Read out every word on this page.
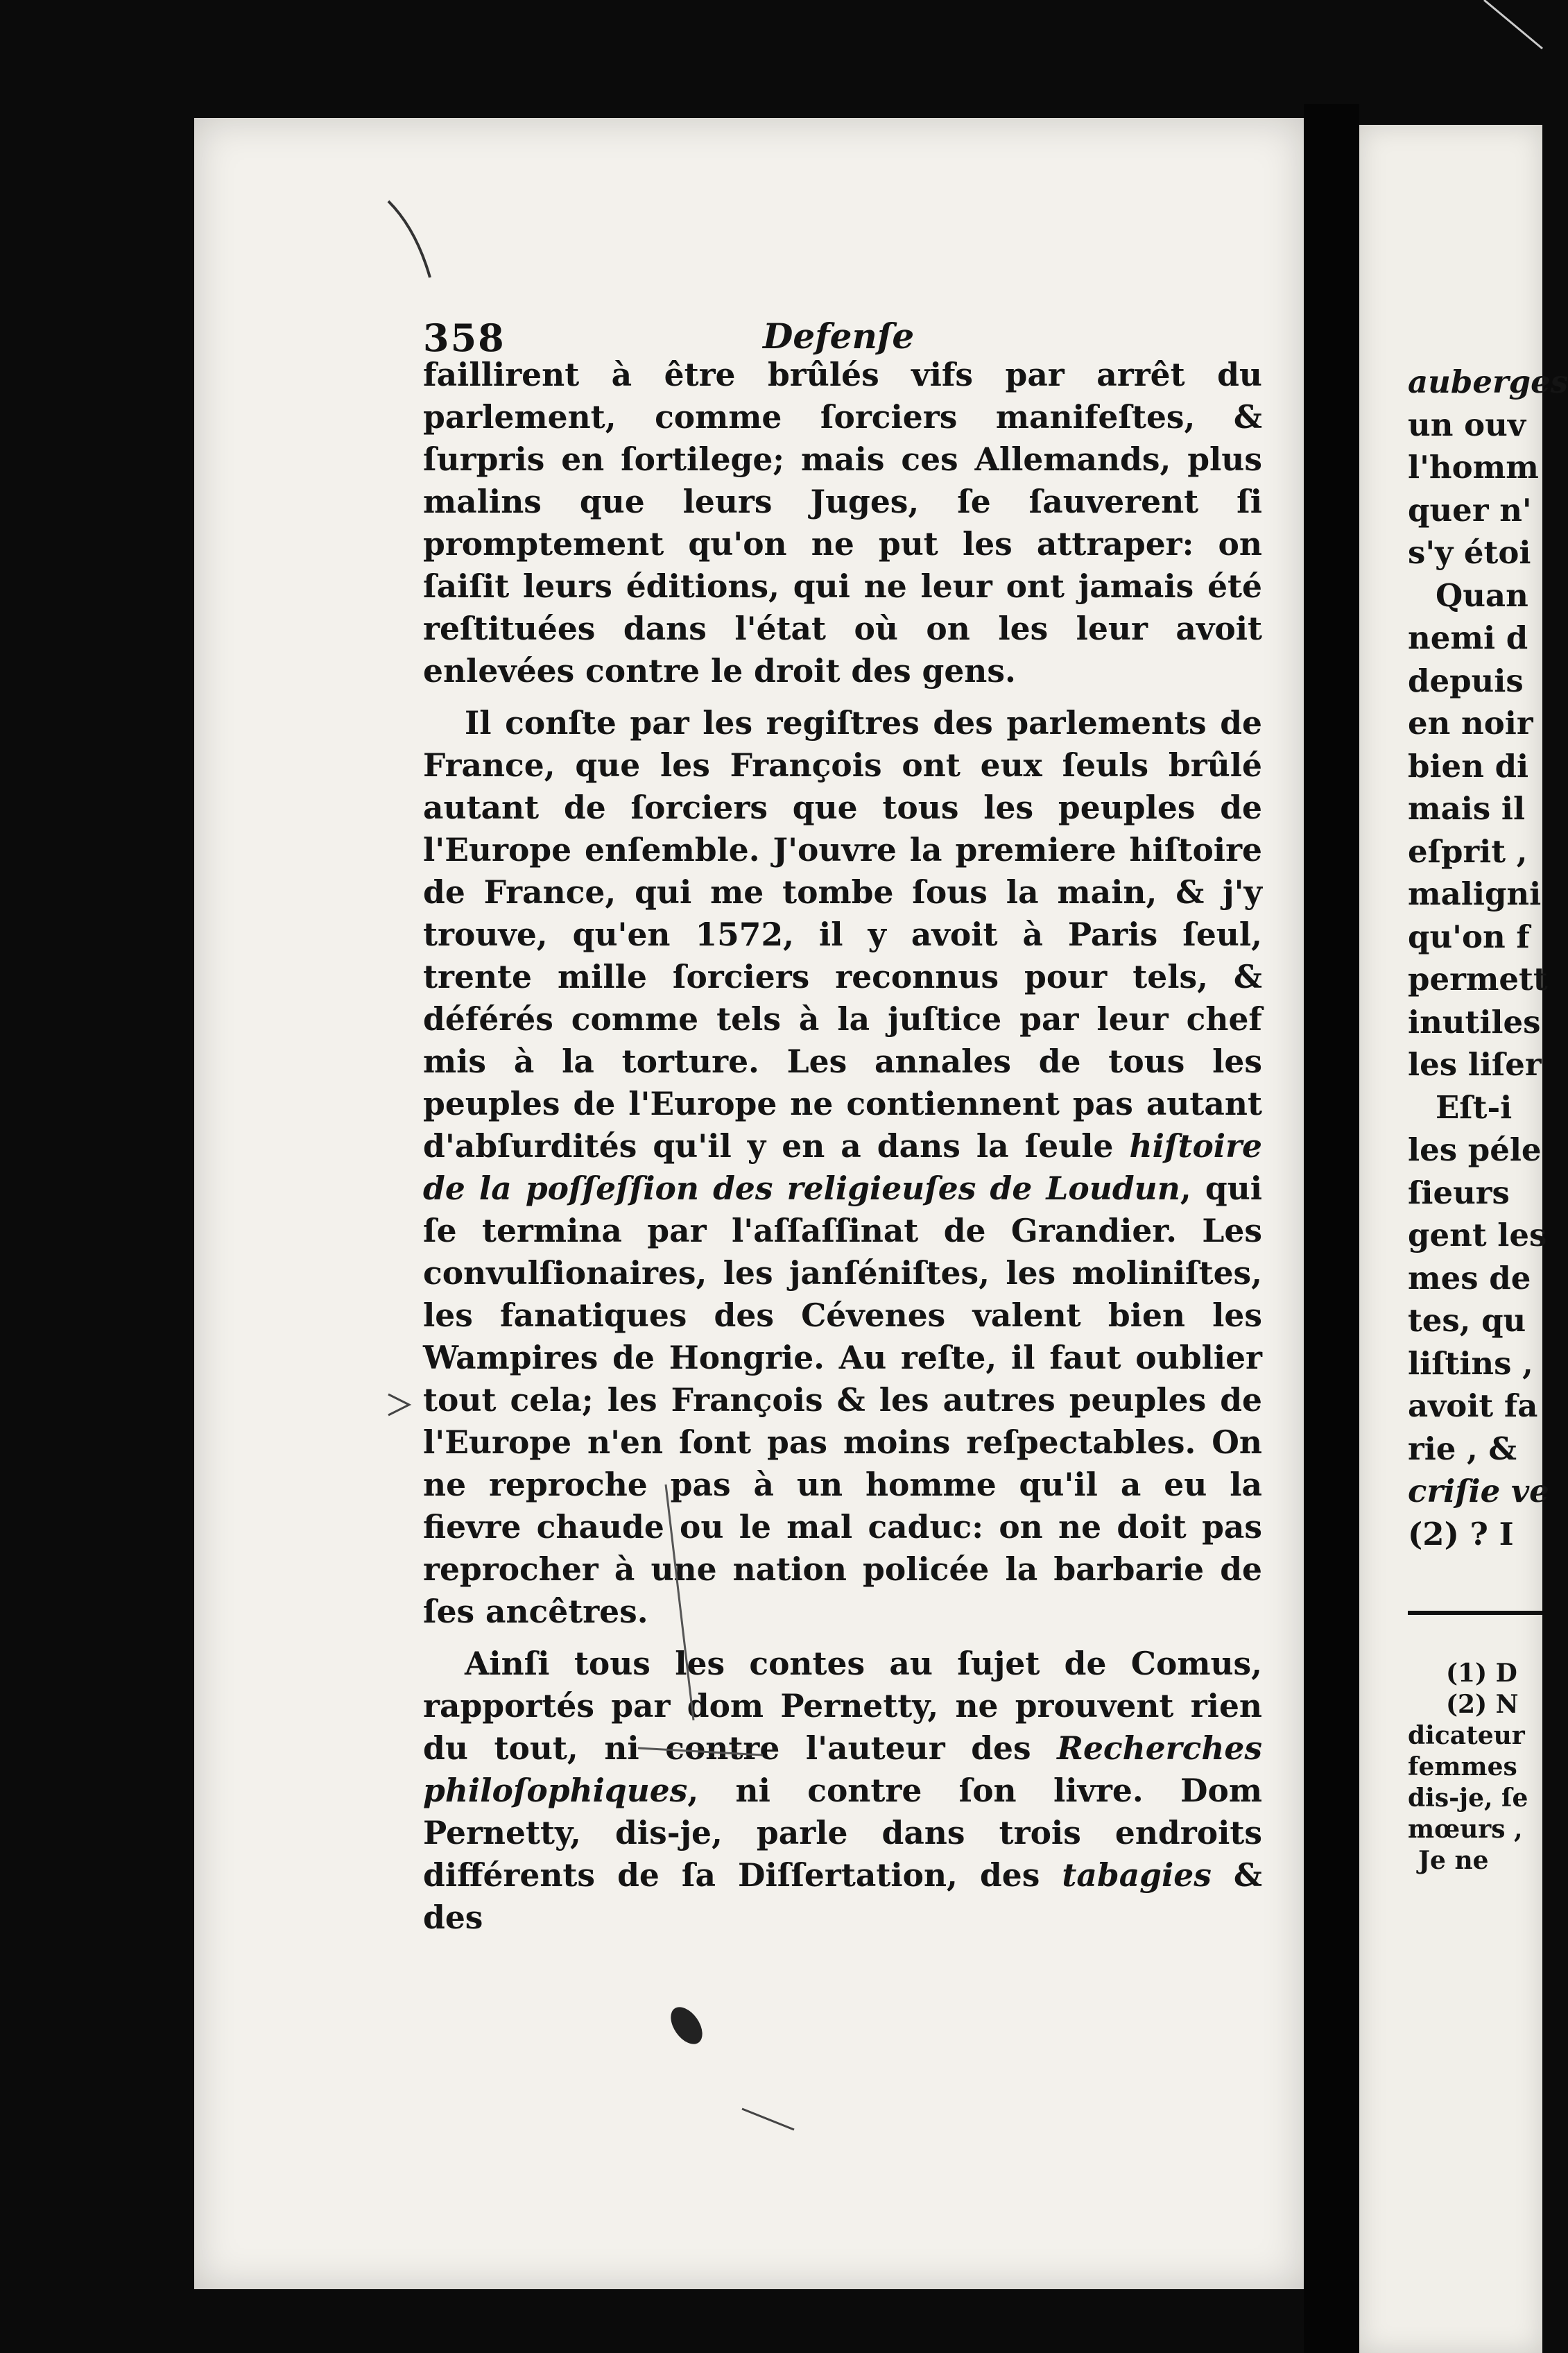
358	Defenſe

faillirent à être brûlés vifs par arrêt du parlement, comme ſorciers manifeſtes, & ſurpris en ſortilege; mais ces Allemands, plus malins que leurs Juges, ſe ſauverent ſi promptement qu'on ne put les attraper: on ſaiſit leurs éditions, qui ne leur ont jamais été reſtituées dans l'état où on les leur avoit enlevées contre le droit des gens.

Il conſte par les regiſtres des parlements de France, que les François ont eux ſeuls brûlé autant de ſorciers que tous les peuples de l'Europe enſemble. J'ouvre la premiere hiſtoire de France, qui me tombe ſous la main, & j'y trouve, qu'en 1572, il y avoit à Paris ſeul, trente mille ſorciers reconnus pour tels, & déférés comme tels à la juſtice par leur chef mis à la torture. Les annales de tous les peuples de l'Europe ne contiennent pas autant d'abſurdités qu'il y en a dans la ſeule hiſtoire de la poſſeſſion des religieuſes de Loudun, qui ſe termina par l'aſſaſſinat de Grandier. Les convulſionaires, les janſéniſtes, les moliniſtes, les fanatiques des Cévenes valent bien les Wampires de Hongrie. Au reſte, il faut oublier tout cela; les François & les autres peuples de l'Europe n'en ſont pas moins reſpectables. On ne reproche pas à un homme qu'il a eu la fievre chaude ou le mal caduc: on ne doit pas reprocher à une nation policée la barbarie de ſes ancêtres.

Ainſi tous les contes au ſujet de Comus, rapportés par dom Pernetty, ne prouvent rien du tout, ni contre l'auteur des Recherches philoſophiques, ni contre ſon livre. Dom Pernetty, dis-je, parle dans trois endroits différents de ſa Diſſertation, des tabagies & des

auberges
un ouv
l'homm
quer n'
s'y étoi
Quan
nemi d
depuis
en noir
bien di
mais il
eſprit ,
maligni
qu'on f
permett
inutiles
les liſer
Eſt-i
les péle
ſieurs
gent les
mes de
tes, qu
liſtins ,
avoit fa
rie , &
criſie ve
(2) ? I
(1) D
(2) N
dicateur
femmes
dis-je, ſe
mœurs ,
Je ne
